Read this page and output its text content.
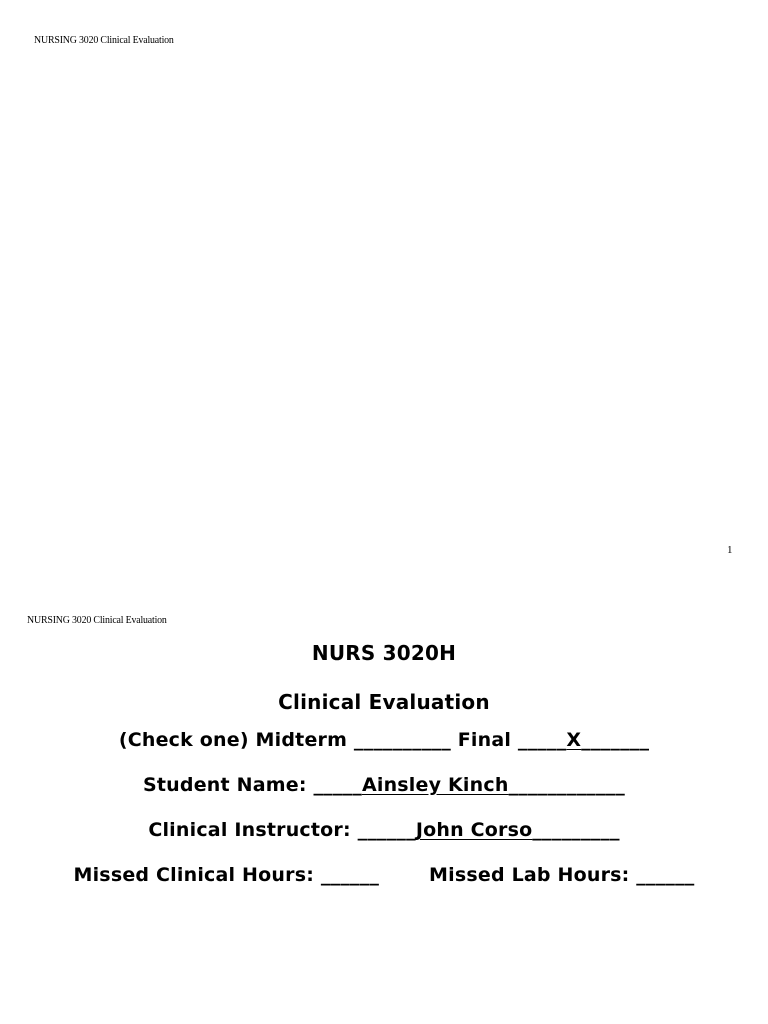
NURSING 3020 Clinical Evaluation
1
NURSING 3020 Clinical Evaluation
NURS 3020H
Clinical Evaluation
(Check one) Midterm __________ Final _____X_______
Student Name: _____Ainsley Kinch____________
Clinical Instructor: ______John Corso_________
Missed Clinical Hours: ______	Missed Lab Hours: ______
